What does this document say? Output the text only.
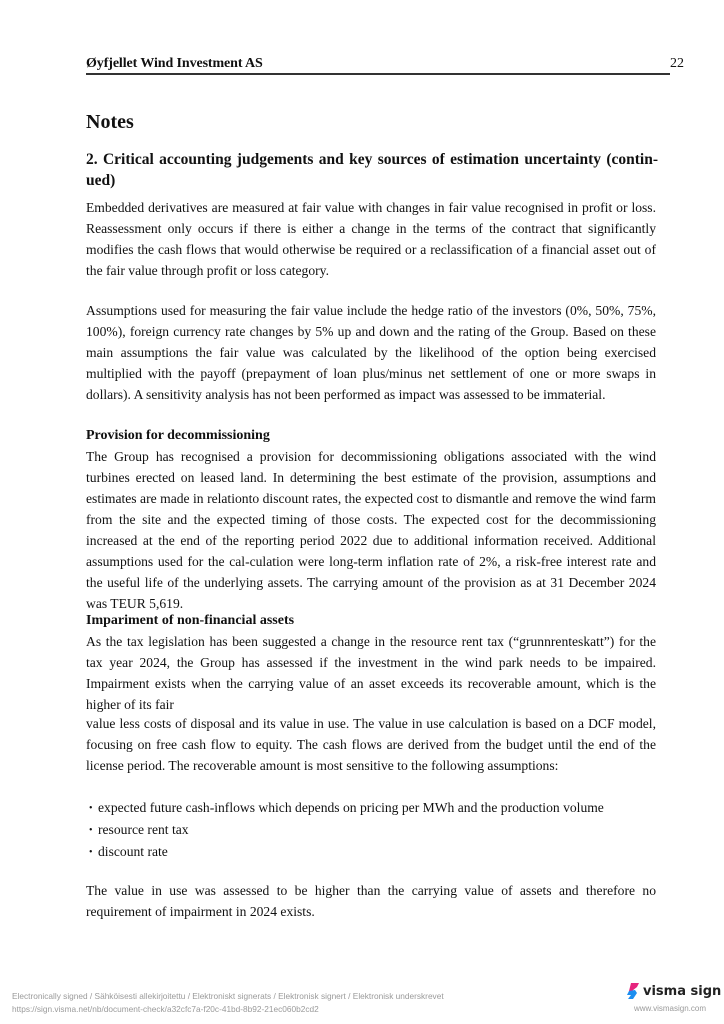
Øyfjellet Wind Investment AS	22
Notes
2. Critical accounting judgements and key sources of estimation uncertainty (contin-ued)

Embedded derivatives are measured at fair value with changes in fair value recognised in profit or loss. Reassessment only occurs if there is either a change in the terms of the contract that significantly modifies the cash flows that would otherwise be required or a reclassification of a financial asset out of the fair value through profit or loss category.

Assumptions used for measuring the fair value include the hedge ratio of the investors (0%, 50%, 75%, 100%), foreign currency rate changes by 5% up and down and the rating of the Group. Based on these main assumptions the fair value was calculated by the likelihood of the option being exercised multiplied with the payoff (prepayment of loan plus/minus net settlement of one or more swaps in dollars). A sensitivity analysis has not been performed as impact was assessed to be immaterial.

Provision for decommissioning

The Group has recognised a provision for decommissioning obligations associated with the wind turbines erected on leased land. In determining the best estimate of the provision, assumptions and estimates are made in relationto discount rates, the expected cost to dismantle and remove the wind farm from the site and the expected timing of those costs. The expected cost for the decommissioning increased at the end of the reporting period 2022 due to additional information received. Additional assumptions used for the cal-culation were long-term inflation rate of 2%, a risk-free interest rate and the useful life of the underlying assets. The carrying amount of the provision as at 31 December 2024 was TEUR 5,619.

Impariment of non-financial assets

As the tax legislation has been suggested a change in the resource rent tax (“grunnrenteskatt”) for the tax year 2024, the Group has assessed if the investment in the wind park needs to be impaired. Impairment exists when the carrying value of an asset exceeds its recoverable amount, which is the higher of its fair

value less costs of disposal and its value in use. The value in use calculation is based on a DCF model, focusing on free cash flow to equity. The cash flows are derived from the budget until the end of the license period. The recoverable amount is most sensitive to the following assumptions:

• expected future cash-inflows which depends on pricing per MWh and the production volume
• resource rent tax
• discount rate

The value in use was assessed to be higher than the carrying value of assets and therefore no requirement of impairment in 2024 exists.

Electronically signed / Sähköisesti allekirjoitettu / Elektroniskt signerats / Elektronisk signert / Elektronisk underskrevet
https://sign.visma.net/nb/document-check/a32cfc7a-f20c-41bd-8b92-21ec060b2cd2
visma sign
www.vismasign.com
